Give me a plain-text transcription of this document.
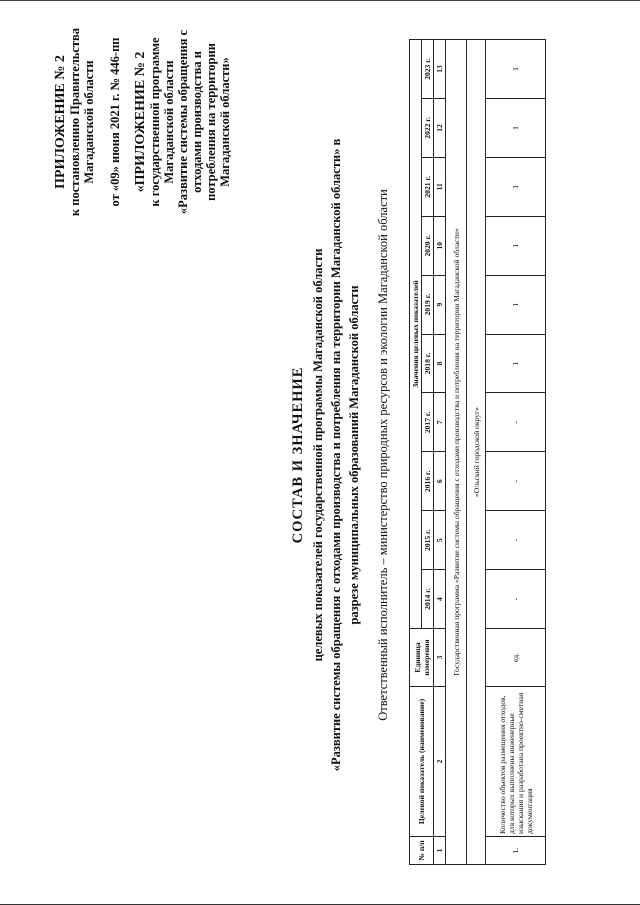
ПРИЛОЖЕНИЕ № 2 к постановлению Правительства Магаданской области от «09» июня 2021 г. № 446-пп «ПРИЛОЖЕНИЕ № 2 к государственной программе Магаданской области «Развитие системы обращения с отходами производства и потребления на территории Магаданской области»

СОСТАВ И ЗНАЧЕНИЕ целевых показателей государственной программы Магаданской области «Развитие системы обращения с отходами производства и потребления на территории Магаданской области» в разрезе муниципальных образований Магаданской области Ответственный исполнитель – министерство природных ресурсов и экологии Магаданской области
№ п/п	Целевой показатель (наименование)	Единица измерения	Значения целевых показателей									
			2014 г.	2015 г.	2016 г.	2017 г.	2018 г.	2019 г.	2020 г.	2021 г.	2022 г.	2023 г.
1	2	3	4	5	6	7	8	9	10	11	12	13
Государственная программа «Развитие системы обращения с отходами производства и потребления на территории Магаданской области»												
«Ольский городской округ»												
1.	Количество объектов размещения отходов, для которых выполнены инженерные изыскания и разработана проектно-сметная документация	ед.	-	-	-	-	1	1	1	1	1	1
